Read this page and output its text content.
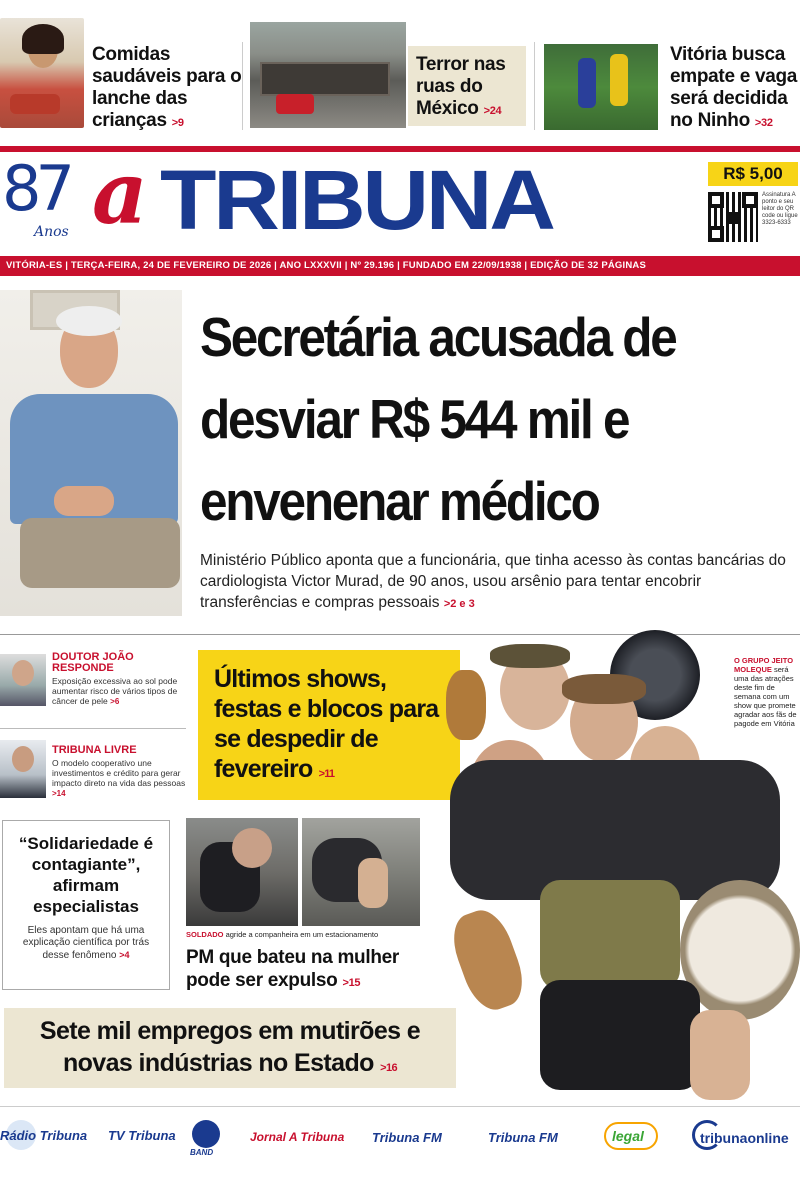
Comidas saudáveis para o lanche das crianças >9
Terror nas ruas do México >24
Vitória busca empate e vaga será decidida no Ninho >32
87
Anos a TRIBUNA	R$ 5,00
Assinatura A ponto e seu leitor do QR code ou ligue 3323-6333
VITÓRIA-ES | TERÇA-FEIRA, 24 DE FEVEREIRO DE 2026 | ANO LXXXVII | Nº 29.196 | FUNDADO EM 22/09/1938 | EDIÇÃO DE 32 PÁGINAS
Secretária acusada de desviar R$ 544 mil e envenenar médico
Ministério Público aponta que a funcionária, que tinha acesso às contas bancárias do cardiologista Victor Murad, de 90 anos, usou arsênio para tentar encobrir transferências e compras pessoais >2 e 3
DOUTOR JOÃO RESPONDE
Exposição excessiva ao sol pode aumentar risco de vários tipos de câncer de pele >6
TRIBUNA LIVRE
O modelo cooperativo une investimentos e crédito para gerar impacto direto na vida das pessoas >14
“Solidariedade é contagiante”, afirmam especialistas
Eles apontam que há uma explicação científica por trás desse fenômeno >4
Últimos shows, festas e blocos para se despedir de fevereiro >11
O GRUPO JEITO MOLEQUE será uma das atrações deste fim de semana com um show que promete agradar aos fãs de pagode em Vitória
SOLDADO agride a companheira em um estacionamento
PM que bateu na mulher pode ser expulso >15
Sete mil empregos em mutirões e novas indústrias no Estado >16
Rádio Tribuna TV Tribuna
BAND
Jornal A Tribuna Tribuna FM	Tribuna FM	legal	tribunaonline
